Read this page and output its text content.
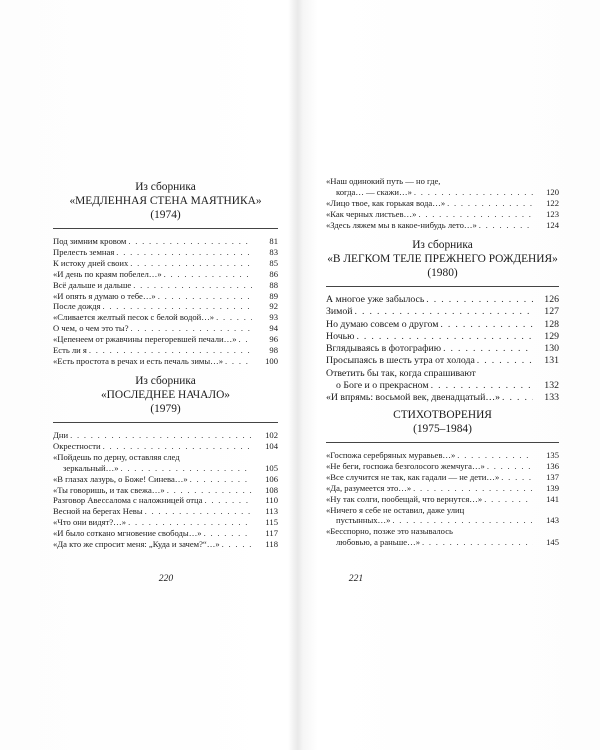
Из сборника
«МЕДЛЕННАЯ СТЕНА МАЯТНИКА»
(1974)
Под зимним кровом . . .	81
Прелесть земная . . .	83
К истоку дней своих . . .	85
«И день по краям побелел…» . . .	86
Всё дальше и дальше . . .	88
«И опять я думаю о тебе…» . . .	89
После дождя . . .	92
«Сливается желтый песок с белой водой…» . . .	93
О чем, о чем это ты? . . .	94
«Цепенеем от ржавчины перегоревшей печали…» . . .	96
Есть ли я . . .	98
«Есть простота в речах и есть печаль зимы…» . . .	100
Из сборника
«ПОСЛЕДНЕЕ НАЧАЛО»
(1979)
Дни . . .	102
Окрестности . . .	104
«Пойдешь по дерну, оставляя след
зеркальный…» . . .	105
«В глазах лазурь, о Боже! Синева…» . . .	106
«Ты говоришь, и так свежа…» . . .	108
Разговор Авессалома с наложницей отца . . .	110
Весной на берегах Невы . . .	113
«Что они видят?…» . . .	115
«И было соткано мгновение свободы…» . . .	117
«Да кто же спросит меня: „Куда и зачем?“…» . . .	118
220
«Наш одинокий путь — но где,
когда… — скажи…» . . .	120
«Лицо твое, как горькая вода…» . . .	122
«Как черных листьев…» . . .	123
«Здесь ляжем мы в какое-нибудь лето…» . . .	124
Из сборника
«В ЛЕГКОМ ТЕЛЕ ПРЕЖНЕГО РОЖДЕНИЯ»
(1980)
А многое уже забылось . . .	126
Зимой . . .	127
Но думаю совсем о другом . . .	128
Ночью . . .	129
Вглядываясь в фотографию . . .	130
Просыпаясь в шесть утра от холода . . .	131
Ответить бы так, когда спрашивают
о Боге и о прекрасном . . .	132
«И впрямь: восьмой век, двенадцатый…» . . .	133
СТИХОТВОРЕНИЯ
(1975–1984)
«Госпожа серебряных муравьев…» . . .	135
«Не беги, госпожа безголосого жемчуга…» . . .	136
«Все случится не так, как гадали — не дети…» . . .	137
«Да, разумеется это…» . . .	139
«Ну так солги, пообещай, что вернутся…» . . .	141
«Ничего я себе не оставил, даже улиц
пустынных…» . . .	143
«Бесспорно, позже это называлось
любовью, а раньше…» . . .	145
221
